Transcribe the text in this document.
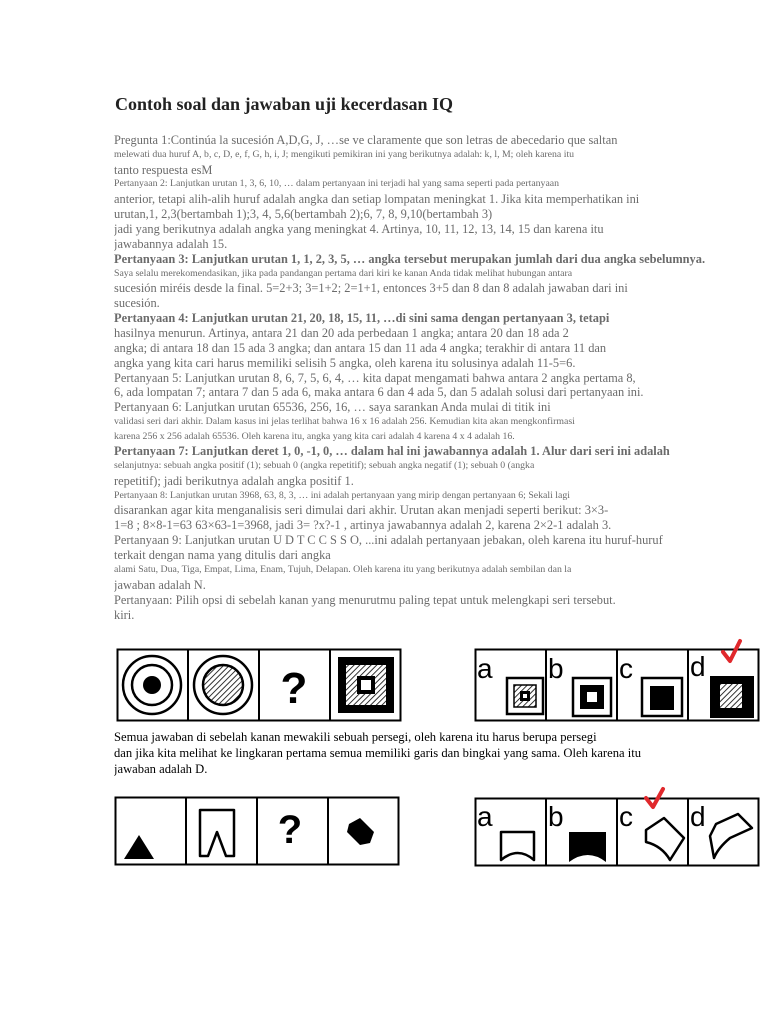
Contoh soal dan jawaban uji kecerdasan IQ
Pregunta 1:Continúa la sucesión A,D,G, J, …se ve claramente que son letras de abecedario que saltan
melewati dua huruf A, b, c, D, e, f, G, h, i, J; mengikuti pemikiran ini yang berikutnya adalah: k, l, M; oleh karena itu
tanto respuesta esM
Pertanyaan 2: Lanjutkan urutan 1, 3, 6, 10, … dalam pertanyaan ini terjadi hal yang sama seperti pada pertanyaan
anterior, tetapi alih-alih huruf adalah angka dan setiap lompatan meningkat 1. Jika kita memperhatikan ini
urutan,1, 2,3(bertambah 1);3, 4, 5,6(bertambah 2);6, 7, 8, 9,10(bertambah 3)
jadi yang berikutnya adalah angka yang meningkat 4. Artinya, 10, 11, 12, 13, 14, 15 dan karena itu
jawabannya adalah 15.
Pertanyaan 3: Lanjutkan urutan 1, 1, 2, 3, 5, … angka tersebut merupakan jumlah dari dua angka sebelumnya.
Saya selalu merekomendasikan, jika pada pandangan pertama dari kiri ke kanan Anda tidak melihat hubungan antara
sucesión miréis desde la final. 5=2+3; 3=1+2; 2=1+1, entonces 3+5 dan 8 dan 8 adalah jawaban dari ini
sucesión.
Pertanyaan 4: Lanjutkan urutan 21, 20, 18, 15, 11, …di sini sama dengan pertanyaan 3, tetapi
hasilnya menurun. Artinya, antara 21 dan 20 ada perbedaan 1 angka; antara 20 dan 18 ada 2
angka; di antara 18 dan 15 ada 3 angka; dan antara 15 dan 11 ada 4 angka; terakhir di antara 11 dan
angka yang kita cari harus memiliki selisih 5 angka, oleh karena itu solusinya adalah 11-5=6.
Pertanyaan 5: Lanjutkan urutan 8, 6, 7, 5, 6, 4, … kita dapat mengamati bahwa antara 2 angka pertama 8,
6, ada lompatan 7; antara 7 dan 5 ada 6, maka antara 6 dan 4 ada 5, dan 5 adalah solusi dari pertanyaan ini.
Pertanyaan 6: Lanjutkan urutan 65536, 256, 16, … saya sarankan Anda mulai di titik ini
validasi seri dari akhir. Dalam kasus ini jelas terlihat bahwa 16 x 16 adalah 256. Kemudian kita akan mengkonfirmasi
karena 256 x 256 adalah 65536. Oleh karena itu, angka yang kita cari adalah 4 karena 4 x 4 adalah 16.
Pertanyaan 7: Lanjutkan deret 1, 0, -1, 0, … dalam hal ini jawabannya adalah 1. Alur dari seri ini adalah
selanjutnya: sebuah angka positif (1); sebuah 0 (angka repetitif); sebuah angka negatif (1); sebuah 0 (angka
repetitif); jadi berikutnya adalah angka positif 1.
Pertanyaan 8: Lanjutkan urutan 3968, 63, 8, 3, … ini adalah pertanyaan yang mirip dengan pertanyaan 6; Sekali lagi
disarankan agar kita menganalisis seri dimulai dari akhir. Urutan akan menjadi seperti berikut: 3×3-
1=8 ; 8×8-1=63 63×63-1=3968, jadi 3= ?x?-1 , artinya jawabannya adalah 2, karena 2×2-1 adalah 3.
Pertanyaan 9: Lanjutkan urutan U D T C C S S O, ...ini adalah pertanyaan jebakan, oleh karena itu huruf-huruf
terkait dengan nama yang ditulis dari angka
alami Satu, Dua, Tiga, Empat, Lima, Enam, Tujuh, Delapan. Oleh karena itu yang berikutnya adalah sembilan dan la
jawaban adalah N.
Pertanyaan: Pilih opsi di sebelah kanan yang menurutmu paling tepat untuk melengkapi seri tersebut.
kiri.
?	a b c d
Semua jawaban di sebelah kanan mewakili sebuah persegi, oleh karena itu harus berupa persegi
dan jika kita melihat ke lingkaran pertama semua memiliki garis dan bingkai yang sama. Oleh karena itu
jawaban adalah D.
?	a b c d
